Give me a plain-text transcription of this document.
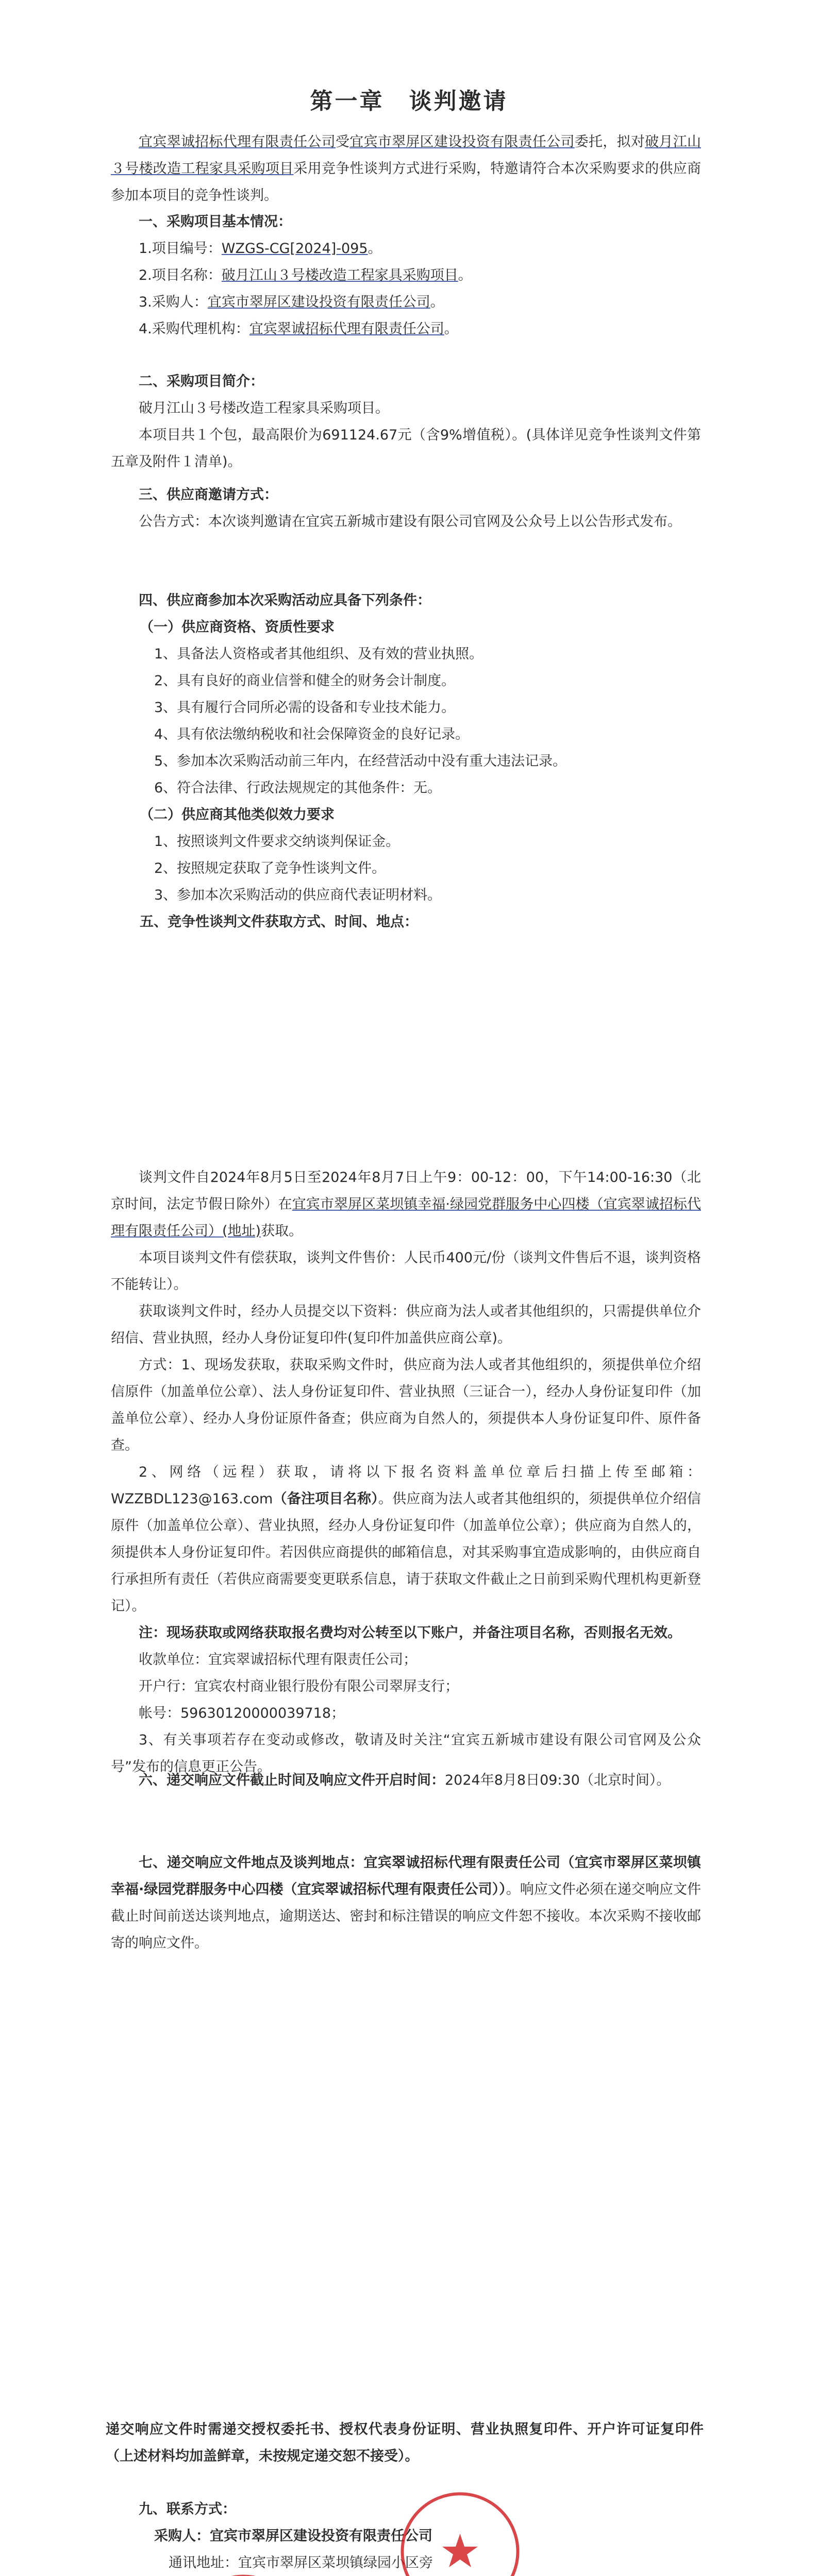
第一章　谈判邀请

宜宾翠诚招标代理有限责任公司受宜宾市翠屏区建设投资有限责任公司委托，拟对破月江山３号楼改造工程家具采购项目采用竞争性谈判方式进行采购，特邀请符合本次采购要求的供应商参加本项目的竞争性谈判。

一、采购项目基本情况：

1.项目编号：WZGS-CG[2024]-095。

2.项目名称：破月江山３号楼改造工程家具采购项目。

3.采购人：宜宾市翠屏区建设投资有限责任公司。

4.采购代理机构：宜宾翠诚招标代理有限责任公司。

二、采购项目简介：

破月江山３号楼改造工程家具采购项目。

本项目共１个包，最高限价为691124.67元（含9%增值税）。(具体详见竞争性谈判文件第五章及附件１清单)。

三、供应商邀请方式：

公告方式：本次谈判邀请在宜宾五新城市建设有限公司官网及公众号上以公告形式发布。

四、供应商参加本次采购活动应具备下列条件：

（一）供应商资格、资质性要求

1、具备法人资格或者其他组织、及有效的营业执照。

2、具有良好的商业信誉和健全的财务会计制度。

3、具有履行合同所必需的设备和专业技术能力。

4、具有依法缴纳税收和社会保障资金的良好记录。

5、参加本次采购活动前三年内，在经营活动中没有重大违法记录。

6、符合法律、行政法规规定的其他条件：无。

（二）供应商其他类似效力要求

1、按照谈判文件要求交纳谈判保证金。

2、按照规定获取了竞争性谈判文件。

3、参加本次采购活动的供应商代表证明材料。

五、竞争性谈判文件获取方式、时间、地点：

谈判文件自2024年8月5日至2024年8月7日上午9：00-12：00，下午14:00-16:30（北京时间，法定节假日除外）在宜宾市翠屏区菜坝镇幸福·绿园党群服务中心四楼（宜宾翠诚招标代理有限责任公司）(地址)获取。

本项目谈判文件有偿获取，谈判文件售价：人民币400元/份（谈判文件售后不退，谈判资格不能转让）。

获取谈判文件时，经办人员提交以下资料：供应商为法人或者其他组织的，只需提供单位介绍信、营业执照，经办人身份证复印件(复印件加盖供应商公章)。

方式：1、现场发获取，获取采购文件时，供应商为法人或者其他组织的，须提供单位介绍信原件（加盖单位公章）、法人身份证复印件、营业执照（三证合一），经办人身份证复印件（加盖单位公章）、经办人身份证原件备查；供应商为自然人的，须提供本人身份证复印件、原件备查。

2、网络（远程）获取，请将以下报名资料盖单位章后扫描上传至邮箱：WZZBDL123@163.com（备注项目名称）。供应商为法人或者其他组织的，须提供单位介绍信原件（加盖单位公章）、营业执照，经办人身份证复印件（加盖单位公章）；供应商为自然人的，须提供本人身份证复印件。若因供应商提供的邮箱信息，对其采购事宜造成影响的，由供应商自行承担所有责任（若供应商需要变更联系信息，请于获取文件截止之日前到采购代理机构更新登记）。

注：现场获取或网络获取报名费均对公转至以下账户，并备注项目名称，否则报名无效。

收款单位：宜宾翠诚招标代理有限责任公司；

开户行：宜宾农村商业银行股份有限公司翠屏支行；

帐号：59630120000039718；

3、有关事项若存在变动或修改，敬请及时关注“宜宾五新城市建设有限公司官网及公众号”发布的信息更正公告。

六、递交响应文件截止时间及响应文件开启时间：2024年8月8日09:30（北京时间）。

七、递交响应文件地点及谈判地点：宜宾翠诚招标代理有限责任公司（宜宾市翠屏区菜坝镇幸福·绿园党群服务中心四楼（宜宾翠诚招标代理有限责任公司））。响应文件必须在递交响应文件截止时间前送达谈判地点，逾期送达、密封和标注错误的响应文件恕不接收。本次采购不接收邮寄的响应文件。

递交响应文件时需递交授权委托书、授权代表身份证明、营业执照复印件、开户许可证复印件（上述材料均加盖鲜章，未按规定递交恕不接受）。

九、联系方式：

采购人：宜宾市翠屏区建设投资有限责任公司

通讯地址：宜宾市翠屏区菜坝镇绿园小区旁
